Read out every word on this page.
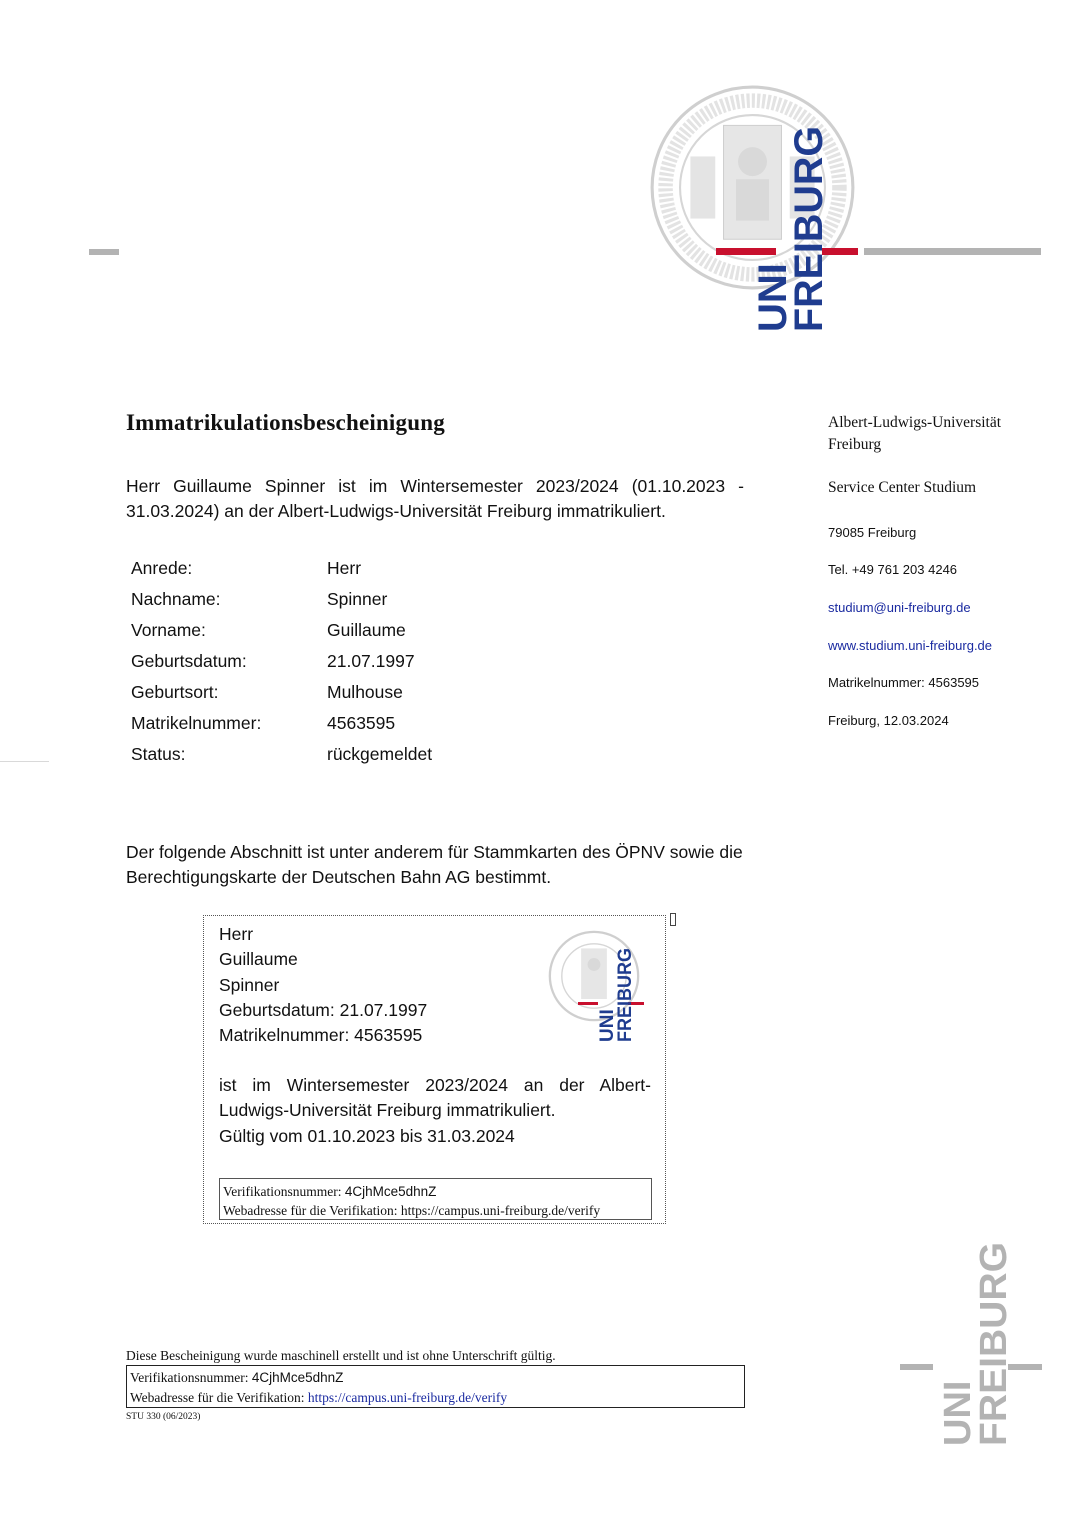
UNI
FREIBURG
Immatrikulationsbescheinigung
Herr Guillaume Spinner ist im Wintersemester 2023/2024 (01.10.2023 - 31.03.2024) an der Albert-Ludwigs-Universität Freiburg immatrikuliert.
Anrede:	Herr
Nachname:	Spinner
Vorname:	Guillaume
Geburtsdatum:	21.07.1997
Geburtsort:	Mulhouse
Matrikelnummer:	4563595
Status:	rückgemeldet
Albert-Ludwigs-Universität
Freiburg
Service Center Studium
79085 Freiburg
Tel. +49 761 203 4246
studium@uni-freiburg.de
www.studium.uni-freiburg.de
Matrikelnummer: 4563595
Freiburg, 12.03.2024
Der folgende Abschnitt ist unter anderem für Stammkarten des ÖPNV sowie die Berechtigungskarte der Deutschen Bahn AG bestimmt.
Herr
Guillaume
Spinner
Geburtsdatum: 21.07.1997
Matrikelnummer: 4563595	UNI
FREIBURG
ist im Wintersemester 2023/2024 an der Albert-Ludwigs-Universität Freiburg immatrikuliert.
Gültig vom 01.10.2023 bis 31.03.2024
Verifikationsnummer: 4CjhMce5dhnZ
Webadresse für die Verifikation: https://campus.uni-freiburg.de/verify
Diese Bescheinigung wurde maschinell erstellt und ist ohne Unterschrift gültig.
Verifikationsnummer: 4CjhMce5dhnZ
Webadresse für die Verifikation: https://campus.uni-freiburg.de/verify
STU 330 (06/2023)	UNI
FREIBURG
